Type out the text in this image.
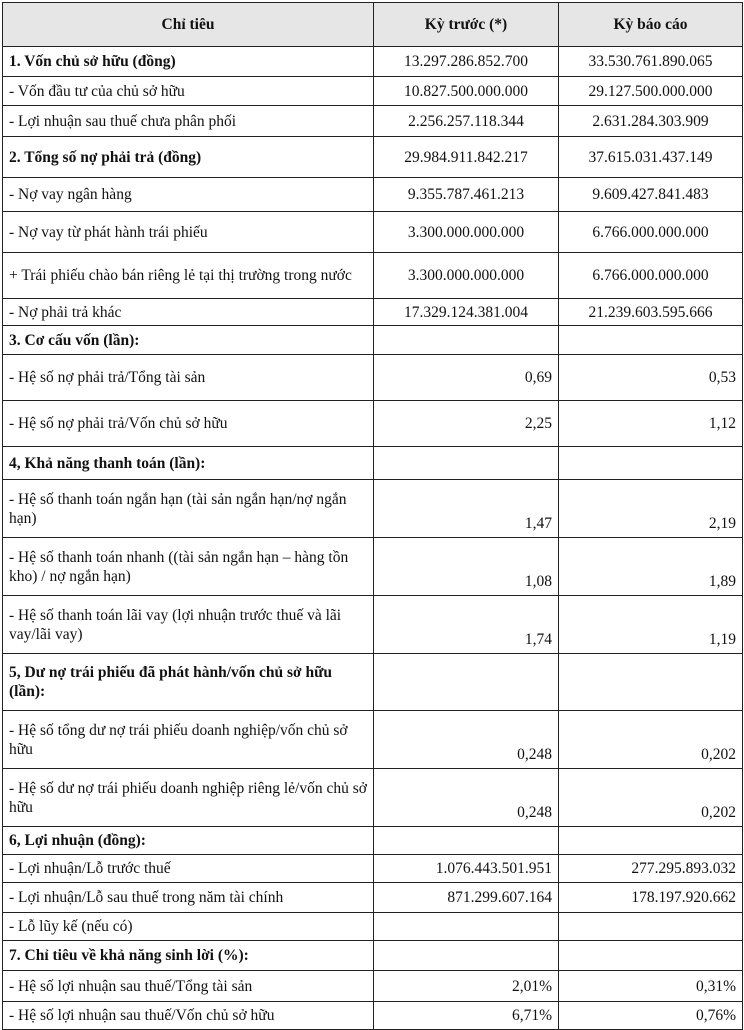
Chỉ tiêu	Kỳ trước (*)	Kỳ báo cáo
1. Vốn chủ sở hữu (đồng)	13.297.286.852.700	33.530.761.890.065
- Vốn đầu tư của chủ sở hữu	10.827.500.000.000	29.127.500.000.000
- Lợi nhuận sau thuế chưa phân phối	2.256.257.118.344	2.631.284.303.909
2. Tổng số nợ phải trả (đồng)	29.984.911.842.217	37.615.031.437.149
- Nợ vay ngân hàng	9.355.787.461.213	9.609.427.841.483
- Nợ vay từ phát hành trái phiếu	3.300.000.000.000	6.766.000.000.000
+ Trái phiếu chào bán riêng lẻ tại thị trường trong nước	3.300.000.000.000	6.766.000.000.000
- Nợ phải trả khác	17.329.124.381.004	21.239.603.595.666
3. Cơ cấu vốn (lần):		
- Hệ số nợ phải trả/Tổng tài sản	0,69	0,53
- Hệ số nợ phải trả/Vốn chủ sở hữu	2,25	1,12
4, Khả năng thanh toán (lần):		
- Hệ số thanh toán ngắn hạn (tài sản ngắn hạn/nợ ngắn hạn)	1,47	2,19
- Hệ số thanh toán nhanh ((tài sản ngắn hạn – hàng tồn kho) / nợ ngắn hạn)	1,08	1,89
- Hệ số thanh toán lãi vay (lợi nhuận trước thuế và lãi vay/lãi vay)	1,74	1,19
5, Dư nợ trái phiếu đã phát hành/vốn chủ sở hữu (lần):		
- Hệ số tổng dư nợ trái phiếu doanh nghiệp/vốn chủ sở hữu	0,248	0,202
- Hệ số dư nợ trái phiếu doanh nghiệp riêng lẻ/vốn chủ sở hữu	0,248	0,202
6, Lợi nhuận (đồng):		
- Lợi nhuận/Lỗ trước thuế	1.076.443.501.951	277.295.893.032
- Lợi nhuận/Lỗ sau thuế trong năm tài chính	871.299.607.164	178.197.920.662
- Lỗ lũy kế (nếu có)		
7. Chỉ tiêu về khả năng sinh lời (%):		
- Hệ số lợi nhuận sau thuế/Tổng tài sản	2,01%	0,31%
- Hệ số lợi nhuận sau thuế/Vốn chủ sở hữu	6,71%	0,76%
